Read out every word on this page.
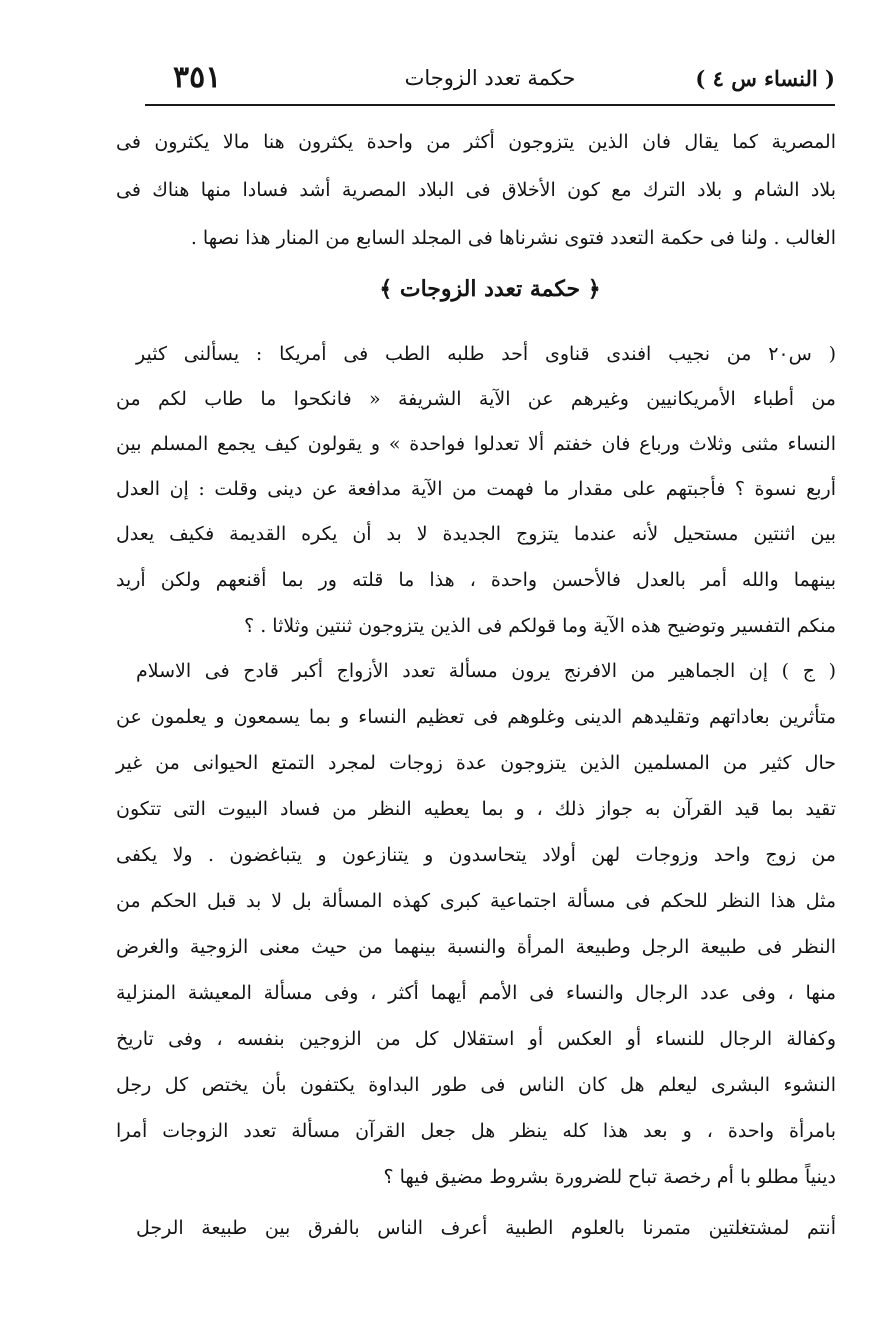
٣٥١	حكمة تعدد الزوجات	( النساء س ٤ )
المصرية كما يقال فان الذين يتزوجون أكثر من واحدة يكثرون هنا مالا يكثرون فى
بلاد الشام و بلاد الترك مع كون الأخلاق فى البلاد المصرية أشد فسادا منها هناك فى
الغالب . ولنا فى حكمة التعدد فتوى نشرناها فى المجلد السابع من المنار هذا نصها .
﴿ حكمة تعدد الزوجات ﴾
( س٢٠ من نجيب افندى قناوى أحد طلبه الطب فى أمريكا : يسألنى كثير
من أطباء الأمريكانيين وغيرهم عن الآية الشريفة « فانكحوا ما طاب لكم من
النساء مثنى وثلاث ورباع فان خفتم ألا تعدلوا فواحدة » و يقولون كيف يجمع المسلم بين
أربع نسوة ؟ فأجبتهم على مقدار ما فهمت من الآية مدافعة عن دينى وقلت : إن العدل
بين اثنتين مستحيل لأنه عندما يتزوج الجديدة لا بد أن يكره القديمة فكيف يعدل
بينهما والله أمر بالعدل فالأحسن واحدة ، هذا ما قلته ور بما أقنعهم ولكن أريد
منكم التفسير وتوضيح هذه الآية وما قولكم فى الذين يتزوجون ثنتين وثلاثا . ؟
( ج ) إن الجماهير من الافرنج يرون مسألة تعدد الأزواج أكبر قادح فى الاسلام
متأثرين بعاداتهم وتقليدهم الدينى وغلوهم فى تعظيم النساء و بما يسمعون و يعلمون عن
حال كثير من المسلمين الذين يتزوجون عدة زوجات لمجرد التمتع الحيوانى من غير
تقيد بما قيد القرآن به جواز ذلك ، و بما يعطيه النظر من فساد البيوت التى تتكون
من زوج واحد وزوجات لهن أولاد يتحاسدون و يتنازعون و يتباغضون . ولا يكفى
مثل هذا النظر للحكم فى مسألة اجتماعية كبرى كهذه المسألة بل لا بد قبل الحكم من
النظر فى طبيعة الرجل وطبيعة المرأة والنسبة بينهما من حيث معنى الزوجية والغرض
منها ، وفى عدد الرجال والنساء فى الأمم أيهما أكثر ، وفى مسألة المعيشة المنزلية
وكفالة الرجال للنساء أو العكس أو استقلال كل من الزوجين بنفسه ، وفى تاريخ
النشوء البشرى ليعلم هل كان الناس فى طور البداوة يكتفون بأن يختص كل رجل
بامرأة واحدة ، و بعد هذا كله ينظر هل جعل القرآن مسألة تعدد الزوجات أمرا
دينياً مطلو با أم رخصة تباح للضرورة بشروط مضيق فيها ؟
أنتم لمشتغلتين متمرنا بالعلوم الطبية أعرف الناس بالفرق بين طبيعة الرجل
